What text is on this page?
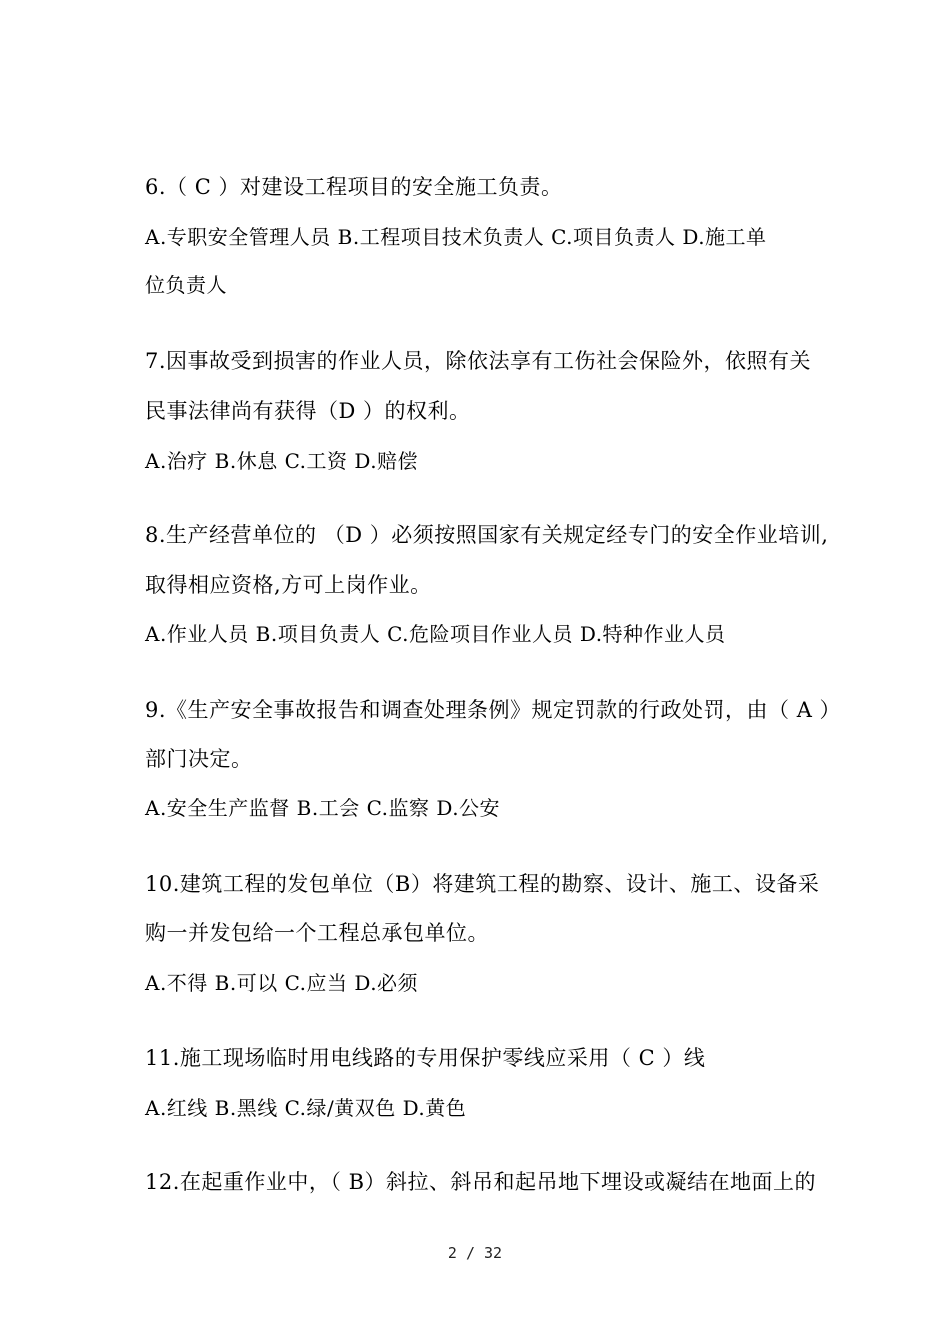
6.（ C ）对建设工程项目的安全施工负责。
A.专职安全管理人员 B.工程项目技术负责人 C.项目负责人 D.施工单
位负责人
7.因事故受到损害的作业人员，除依法享有工伤社会保险外，依照有关
民事法律尚有获得（D ）的权利。
A.治疗 B.休息 C.工资 D.赔偿
8.生产经营单位的 （D ）必须按照国家有关规定经专门的安全作业培训,
取得相应资格,方可上岗作业。
A.作业人员 B.项目负责人 C.危险项目作业人员 D.特种作业人员
9.《生产安全事故报告和调查处理条例》规定罚款的行政处罚，由（ A ）
部门决定。
A.安全生产监督 B.工会 C.监察 D.公安
10.建筑工程的发包单位（B）将建筑工程的勘察、设计、施工、设备采
购一并发包给一个工程总承包单位。
A.不得 B.可以 C.应当 D.必须
11.施工现场临时用电线路的专用保护零线应采用（ C ）线
A.红线 B.黑线 C.绿/黄双色 D.黄色
12.在起重作业中，（ B）斜拉、斜吊和起吊地下埋设或凝结在地面上的
2 / 32
